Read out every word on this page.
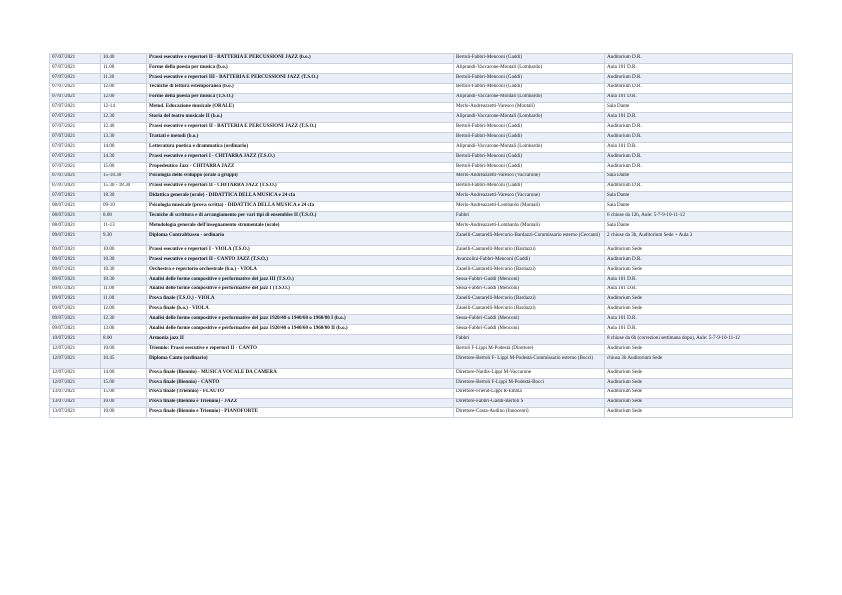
07/07/2021	10.40	Prassi esecutive e repertori II - BATTERIA E PERCUSSIONI JAZZ (b.o.)	Bertoli-Fabbri-Menconi (Gaddi)	Auditorium D.R.
07/07/2021	11.00	Forme della poesia per musica (b.o.)	Aliprandi-Vaccarone-Montali (Lombardo)	Aula 101 D.R.
07/07/2021	11.30	Prassi esecutive e repertori III - BATTERIA E PERCUSSIONI JAZZ (T.S.O.)	Bertoli-Fabbri-Menconi (Gaddi)	Auditorium D.R.
07/07/2021	12.00	Tecniche di lettura estemporanea (b.o.)	Bertoli-Fabbri-Menconi (Gaddi)	Auditorium D.R.
07/07/2021	12.00	Forme della poesia per musica (T.S.O.)	Aliprandi-Vaccarone-Montali (Lombardo)	Aula 101 D.R.
07/07/2021	12-14	Metod. Educazione musicale (ORALE)	Merlo-Andreazzetti-Varesco (Montali)	Sala Dante
07/07/2021	12.30	Storia del teatro musicale II (b.o.)	Aliprandi-Vaccarone-Montali (Lombardo)	Aula 101 D.R.
07/07/2021	12.40	Prassi esecutive e repertori II - BATTERIA E PERCUSSIONI JAZZ (T.S.O.)	Bertoli-Fabbri-Menconi (Gaddi)	Auditorium D.R.
07/07/2021	13.30	Trattati e metodi (b.o.)	Bertoli-Fabbri-Menconi (Gaddi)	Auditorium D.R.
07/07/2021	14.00	Letteratura poetica e drammatica (ordinario)	Aliprandi-Vaccarone-Montali (Lombardo)	Aula 101 D.R.
07/07/2021	14.30	Prassi esecutive e repertori I - CHITARRA JAZZ (T.S.O.)	Bertoli-Fabbri-Menconi (Gaddi)	Auditorium D.R.
07/07/2021	15.00	Propedeutico Jazz - CHITARRA JAZZ	Bertoli-Fabbri-Menconi (Gaddi)	Auditorium D.R.
07/07/2021	15-18.30	Psicologia dello sviluppo (orale a gruppi)	Merlo-Andreazzetti-Varesco (Vaccarone)	Sala Dante
07/07/2021	15.30 - 18.30	Prassi esecutive e repertori II - CHITARRA JAZZ (T.S.O.)	Bertoli-Fabbri-Menconi (Gaddi)	Auditorium D.R.
07/07/2021	18.30	Didattica generale (orale) - DIDATTICA DELLA MUSICA e 24 cfa	Merlo-Andreazzetti-Varesco (Vaccarone)	Sala Dante
08/07/2021	09-10	Psicologia musicale (prova scritta) - DIDATTICA DELLA MUSICA e 24 cfa	Merlo-Andreazzetti-Lombardo (Montali)	Sala Dante
08/07/2021	8.00	Tecniche di scrittura e di arrangiamento per vari tipi di ensembles II (T.S.O.)	Fabbri	6 chiuse da 12h, Aule: 5-7-9-10-11-12
08/07/2021	11-13	Metodologia generale dell'insegnamento strumentale (orale)	Merlo-Andreazzetti-Lombardo (Montali)	Sala Dante
09/07/2021	9.30	Diploma Contrabbasso - ordinario	Zanelli-Cantarelli-Mercurio-Bardazzi-Commissario esterno (Ceccanti)	2 chiuse da 3h, Auditorium Sede + Aula 3
09/07/2021	10.00	Prassi esecutive e repertori I - VIOLA (T.S.O.)	Zanelli-Cantarelli-Mercurio (Bardazzi)	Auditorium Sede
09/07/2021	10.30	Prassi esecutive e repertori II - CANTO JAZZ (T.S.O.)	Avanzolini-Fabbri-Menconi (Gaddi)	Auditorium D.R.
09/07/2021	10.30	Orchestra e repertorio orchestrale (b.o.) - VIOLA	Zanelli-Cantarelli-Mercurio (Bardazzi)	Auditorium Sede
09/07/2021	10.30	Analisi delle forme compositive e performative del jazz III (T.S.O.)	Sessa-Fabbri-Gaddi (Menconi)	Aula 101 D.R.
09/07/2021	11.00	Analisi delle forme compositive e performative del jazz I (T.S.O.)	Sessa-Fabbri-Gaddi (Menconi)	Aula 101 D.R.
09/07/2021	11.00	Prova finale (T.S.O.) - VIOLA	Zanelli-Cantarelli-Mercurio (Bardazzi)	Auditorium Sede
09/07/2021	12.00	Prova finale (b.o.) - VIOLA	Zanelli-Cantarelli-Mercurio (Bardazzi)	Auditorium Sede
09/07/2021	12.30	Analisi delle forme compositive e performative del jazz 1920/40 o 1940/60 o 1960/80 I (b.o.)	Sessa-Fabbri-Gaddi (Menconi)	Aula 101 D.R.
09/07/2021	13.00	Analisi delle forme compositive e performative del jazz 1920/40 o 1940/60 o 1960/80 II (b.o.)	Sessa-Fabbri-Gaddi (Menconi)	Aula 101 D.R.
10/07/2021	8.00	Armonia jazz II	Fabbri	8 chiuse da 6h (correzioni settimana dopo), Aule: 5-7-9-10-11-12
12/07/2021	10.00	Triennio: Prassi esecutive e repertori II - CANTO	Bertoli F-Lippi M-Podestà (Direttore)	Auditorium Sede
12/07/2021	10.45	Diploma Canto (ordinario)	Direttore-Bertoli F- Lippi M-Podestà-Commissario esterno (Bocci)	chiusa 3h Auditorium Sede
12/07/2021	14.00	Prova finale (Biennio) - MUSICA VOCALE DA CAMERA	Direttore-Nardis-Lippi M-Vaccarone	Auditorium Sede
12/07/2021	15.00	Prova finale (Biennio) - CANTO	Direttore-Bertoli F-Lippi M-Podestà-Bocci	Auditorium Sede
13/07/2021	15.00	Prova finale (Triennio) - FLAUTO	Direttore-Friend-Lippi R-Emma	Auditorium Sede
13/07/2021	10.00	Prova finale (Biennio e Triennio) - JAZZ	Direttore-Fabbri-Gaddi-Bertoli S	Auditorium Sede
13/07/2021	10.00	Prova finale (Biennio e Triennio) - PIANOFORTE	Direttore-Costa-Audino (Innocenti)	Auditorium Sede
